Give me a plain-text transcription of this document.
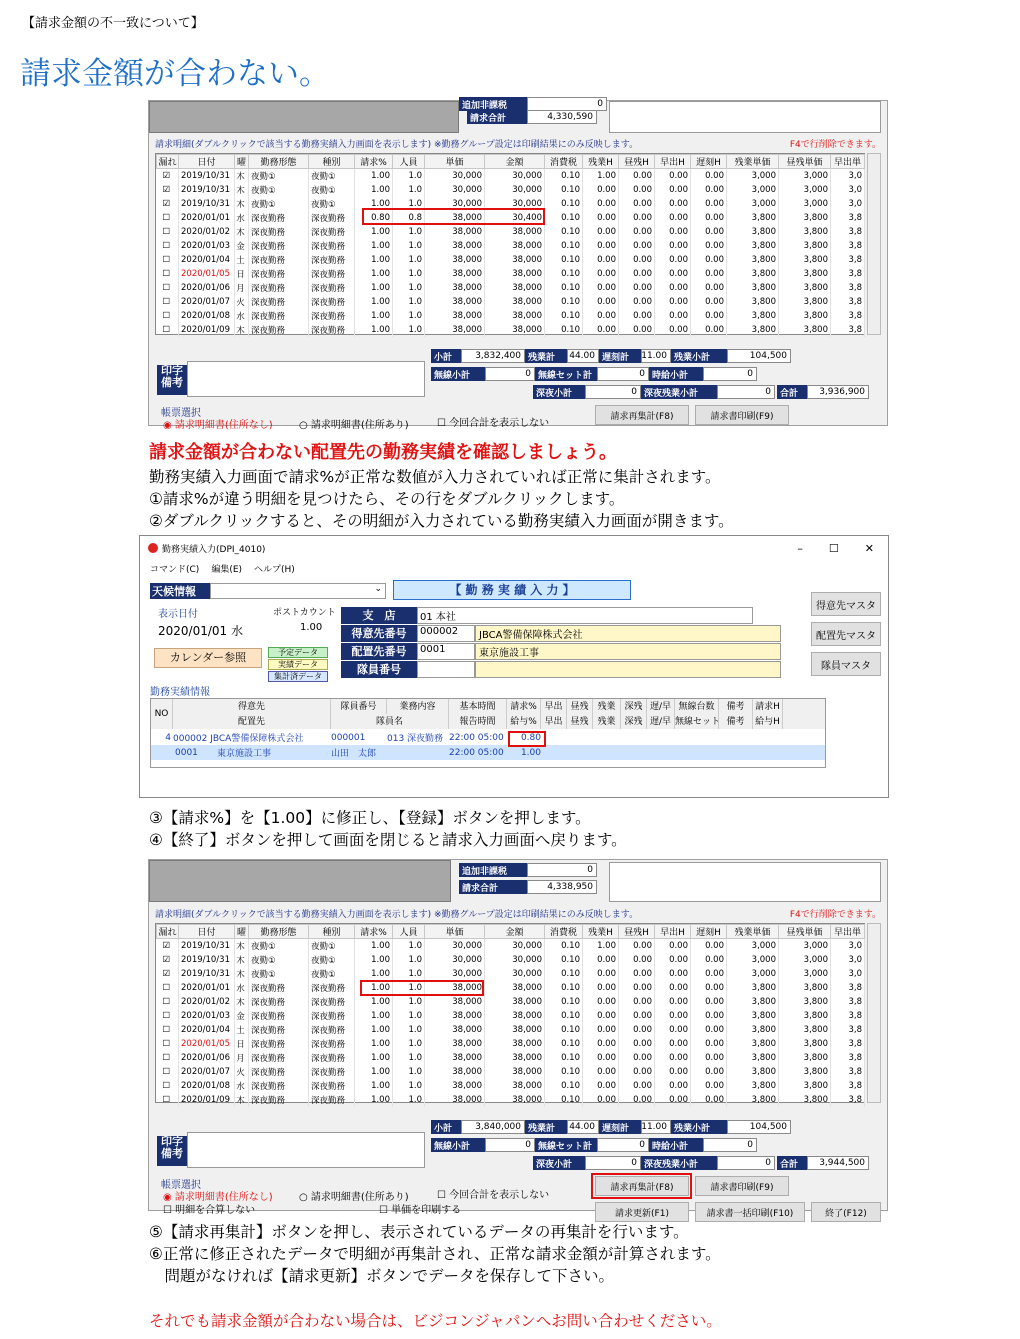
【請求金額の不一致について】
請求金額が合わない。
追加非課税	0
請求合計	4,330,590
請求明細(ダブルクリックで該当する勤務実績入力画面を表示します) ※勤務グループ設定は印刷結果にのみ反映します。	F4で行削除できます。
漏れ	日付	曜	勤務形態	種別	請求%	人員	単価	金額	消費税	残業H	昼残H	早出H	遅刻H	残業単価	昼残単価	早出単
☑	2019/10/31	木	夜勤①	夜勤①	1.00	1.0	30,000	30,000	0.10	1.00	0.00	0.00	0.00	3,000	3,000	3,0
☑	2019/10/31	木	夜勤①	夜勤①	1.00	1.0	30,000	30,000	0.10	0.00	0.00	0.00	0.00	3,000	3,000	3,0
☑	2019/10/31	木	夜勤①	夜勤①	1.00	1.0	30,000	30,000	0.10	0.00	0.00	0.00	0.00	3,000	3,000	3,0
☐	2020/01/01	水	深夜勤務	深夜勤務	0.80	0.8	38,000	30,400	0.10	0.00	0.00	0.00	0.00	3,800	3,800	3,8
☐	2020/01/02	木	深夜勤務	深夜勤務	1.00	1.0	38,000	38,000	0.10	0.00	0.00	0.00	0.00	3,800	3,800	3,8
☐	2020/01/03	金	深夜勤務	深夜勤務	1.00	1.0	38,000	38,000	0.10	0.00	0.00	0.00	0.00	3,800	3,800	3,8
☐	2020/01/04	土	深夜勤務	深夜勤務	1.00	1.0	38,000	38,000	0.10	0.00	0.00	0.00	0.00	3,800	3,800	3,8
☐	2020/01/05	日	深夜勤務	深夜勤務	1.00	1.0	38,000	38,000	0.10	0.00	0.00	0.00	0.00	3,800	3,800	3,8
☐	2020/01/06	月	深夜勤務	深夜勤務	1.00	1.0	38,000	38,000	0.10	0.00	0.00	0.00	0.00	3,800	3,800	3,8
☐	2020/01/07	火	深夜勤務	深夜勤務	1.00	1.0	38,000	38,000	0.10	0.00	0.00	0.00	0.00	3,800	3,800	3,8
☐	2020/01/08	水	深夜勤務	深夜勤務	1.00	1.0	38,000	38,000	0.10	0.00	0.00	0.00	0.00	3,800	3,800	3,8
☐	2020/01/09	木	深夜勤務	深夜勤務	1.00	1.0	38,000	38,000	0.10	0.00	0.00	0.00	0.00	3,800	3,800	3,8
小計	3,832,400 残業計	44.00 遅刻計	11.00 残業小計	104,500
無線小計	0 無線セット計	0 時給小計	0
深夜小計	0 深夜残業小計	0	合計	3,936,900
印字
備考
帳票選択
◉ 請求明細書(住所なし)	○ 請求明細書(住所あり)	☐ 今回合計を表示しない
請求再集計(F8)	請求書印刷(F9)
請求金額が合わない配置先の勤務実績を確認しましょう。
勤務実績入力画面で請求%が正常な数値が入力されていれば正常に集計されます。
①請求%が違う明細を見つけたら、その行をダブルクリックします。
②ダブルクリックすると、その明細が入力されている勤務実績入力画面が開きます。
勤務実績入力(DPI_4010)	– ☐ ✕
コマンド(C) 編集(E) ヘルプ(H)
天候情報	⌄	【 勤 務 実 績 入 力 】
表示日付
2020/01/01 水
ポストカウント
1.00
カレンダー参照	予定データ
実績データ
集計済データ
支　店	01 本社
得意先番号	000002	JBCA警備保障株式会社
配置先番号	0001	東京施設工事
隊員番号
得意先マスタ
配置先マスタ
隊員マスタ
勤務実績情報
NO
得意先	隊員番号	業務内容	基本時間	請求% 早出 昼残 残業 深残 遅/早 無線台数	備考	請求H
配置先	隊員名	報告時間	給与% 早出 昼残 残業 深残 遅/早 無線セット 備考	給与H
4 000002 JBCA警備保障株式会社	000001	013 深夜勤務 22:00 05:00	0.80
0001	東京施設工事	山田　太郎	22:00 05:00	1.00
③【請求%】を【1.00】に修正し、【登録】ボタンを押します。
④【終了】ボタンを押して画面を閉じると請求入力画面へ戻ります。
追加非課税	0
請求合計	4,338,950
請求明細(ダブルクリックで該当する勤務実績入力画面を表示します) ※勤務グループ設定は印刷結果にのみ反映します。	F4で行削除できます。
漏れ	日付	曜	勤務形態	種別	請求%	人員	単価	金額	消費税	残業H	昼残H	早出H	遅刻H	残業単価	昼残単価	早出単
☑	2019/10/31	木	夜勤①	夜勤①	1.00	1.0	30,000	30,000	0.10	1.00	0.00	0.00	0.00	3,000	3,000	3,0
☑	2019/10/31	木	夜勤①	夜勤①	1.00	1.0	30,000	30,000	0.10	0.00	0.00	0.00	0.00	3,000	3,000	3,0
☑	2019/10/31	木	夜勤①	夜勤①	1.00	1.0	30,000	30,000	0.10	0.00	0.00	0.00	0.00	3,000	3,000	3,0
☐	2020/01/01	水	深夜勤務	深夜勤務	1.00	1.0	38,000	38,000	0.10	0.00	0.00	0.00	0.00	3,800	3,800	3,8
☐	2020/01/02	木	深夜勤務	深夜勤務	1.00	1.0	38,000	38,000	0.10	0.00	0.00	0.00	0.00	3,800	3,800	3,8
☐	2020/01/03	金	深夜勤務	深夜勤務	1.00	1.0	38,000	38,000	0.10	0.00	0.00	0.00	0.00	3,800	3,800	3,8
☐	2020/01/04	土	深夜勤務	深夜勤務	1.00	1.0	38,000	38,000	0.10	0.00	0.00	0.00	0.00	3,800	3,800	3,8
☐	2020/01/05	日	深夜勤務	深夜勤務	1.00	1.0	38,000	38,000	0.10	0.00	0.00	0.00	0.00	3,800	3,800	3,8
☐	2020/01/06	月	深夜勤務	深夜勤務	1.00	1.0	38,000	38,000	0.10	0.00	0.00	0.00	0.00	3,800	3,800	3,8
☐	2020/01/07	火	深夜勤務	深夜勤務	1.00	1.0	38,000	38,000	0.10	0.00	0.00	0.00	0.00	3,800	3,800	3,8
☐	2020/01/08	水	深夜勤務	深夜勤務	1.00	1.0	38,000	38,000	0.10	0.00	0.00	0.00	0.00	3,800	3,800	3,8
☐	2020/01/09	木	深夜勤務	深夜勤務	1.00	1.0	38,000	38,000	0.10	0.00	0.00	0.00	0.00	3,800	3,800	3,8
小計	3,840,000 残業計	44.00 遅刻計	11.00 残業小計	104,500
無線小計	0 無線セット計	0 時給小計	0
深夜小計	0 深夜残業小計	0	合計	3,944,500
印字
備考
帳票選択
◉ 請求明細書(住所なし)	○ 請求明細書(住所あり)	☐ 今回合計を表示しない
☐ 明細を合算しない	☐ 単価を印刷する
請求再集計(F8)	請求書印刷(F9)
請求更新(F1)	請求書一括印刷(F10)	終了(F12)
⑤【請求再集計】ボタンを押し、表示されているデータの再集計を行います。
⑥正常に修正されたデータで明細が再集計され、正常な請求金額が計算されます。
　問題がなければ【請求更新】ボタンでデータを保存して下さい。
それでも請求金額が合わない場合は、ビジコンジャパンへお問い合わせください。
